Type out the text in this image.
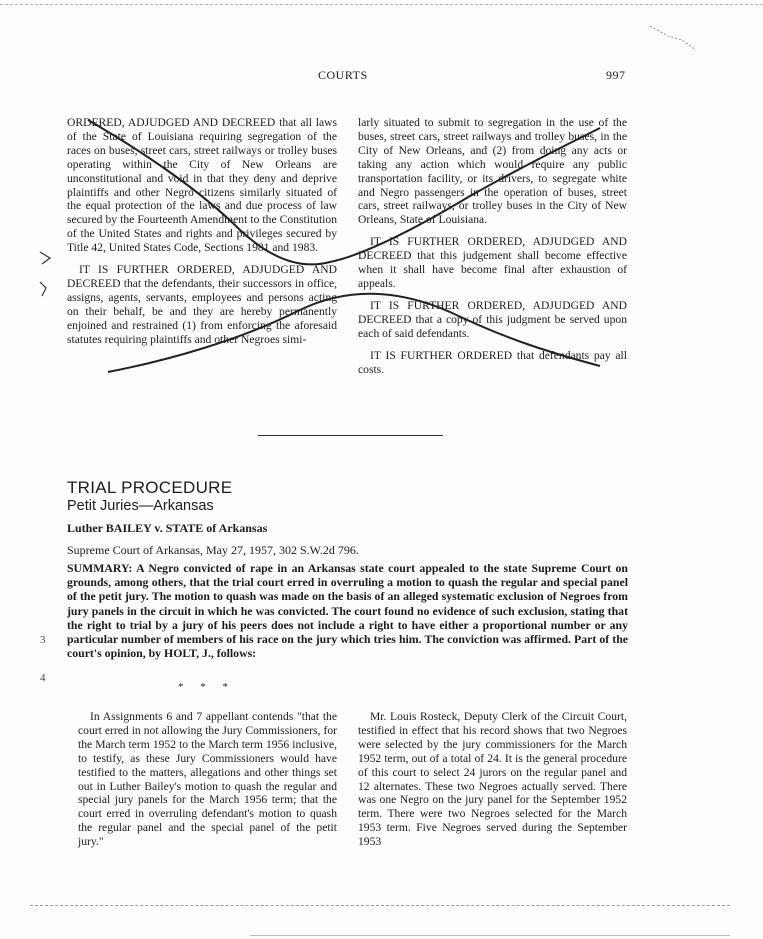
COURTS	997

ORDERED, ADJUDGED AND DECREED that all laws of the State of Louisiana requiring segregation of the races on buses, street cars, street railways or trolley buses operating within the City of New Orleans are unconstitutional and void in that they deny and deprive plaintiffs and other Negro citizens similarly situated of the equal protection of the laws and due process of law secured by the Fourteenth Amendment to the Constitution of the United States and rights and privileges secured by Title 42, United States Code, Sections 1981 and 1983.

IT IS FURTHER ORDERED, ADJUDGED AND DECREED that the defendants, their successors in office, assigns, agents, servants, employees and persons acting on their behalf, be and they are hereby permanently enjoined and restrained (1) from enforcing the aforesaid statutes requiring plaintiffs and other Negroes simi-

larly situated to submit to segregation in the use of the buses, street cars, street railways and trolley buses, in the City of New Orleans, and (2) from doing any acts or taking any action which would require any public transportation facility, or its drivers, to segregate white and Negro passengers in the operation of buses, street cars, street railways, or trolley buses in the City of New Orleans, State of Louisiana.

IT IS FURTHER ORDERED, ADJUDGED AND DECREED that this judgement shall become effective when it shall have become final after exhaustion of appeals.

IT IS FURTHER ORDERED, ADJUDGED AND DECREED that a copy of this judgment be served upon each of said defendants.

IT IS FURTHER ORDERED that defendants pay all costs.

TRIAL PROCEDURE
Petit Juries—Arkansas
Luther BAILEY v. STATE of Arkansas
Supreme Court of Arkansas, May 27, 1957, 302 S.W.2d 796.
SUMMARY: A Negro convicted of rape in an Arkansas state court appealed to the state Supreme Court on grounds, among others, that the trial court erred in overruling a motion to quash the regular and special panel of the petit jury. The motion to quash was made on the basis of an alleged systematic exclusion of Negroes from jury panels in the circuit in which he was convicted. The court found no evidence of such exclusion, stating that the right to trial by a jury of his peers does not include a right to have either a proportional number or any particular number of members of his race on the jury which tries him. The conviction was affirmed. Part of the court's opinion, by HOLT, J., follows:
* * *

In Assignments 6 and 7 appellant contends "that the court erred in not allowing the Jury Commissioners, for the March term 1952 to the March term 1956 inclusive, to testify, as these Jury Commissioners would have testified to the matters, allegations and other things set out in Luther Bailey's motion to quash the regular and special jury panels for the March 1956 term; that the court erred in overruling defendant's motion to quash the regular panel and the special panel of the petit jury."

Mr. Louis Rosteck, Deputy Clerk of the Circuit Court, testified in effect that his record shows that two Negroes were selected by the jury commissioners for the March 1952 term, out of a total of 24. It is the general procedure of this court to select 24 jurors on the regular panel and 12 alternates. These two Negroes actually served. There was one Negro on the jury panel for the September 1952 term. There were two Negroes selected for the March 1953 term. Five Negroes served during the September 1953

3
4
